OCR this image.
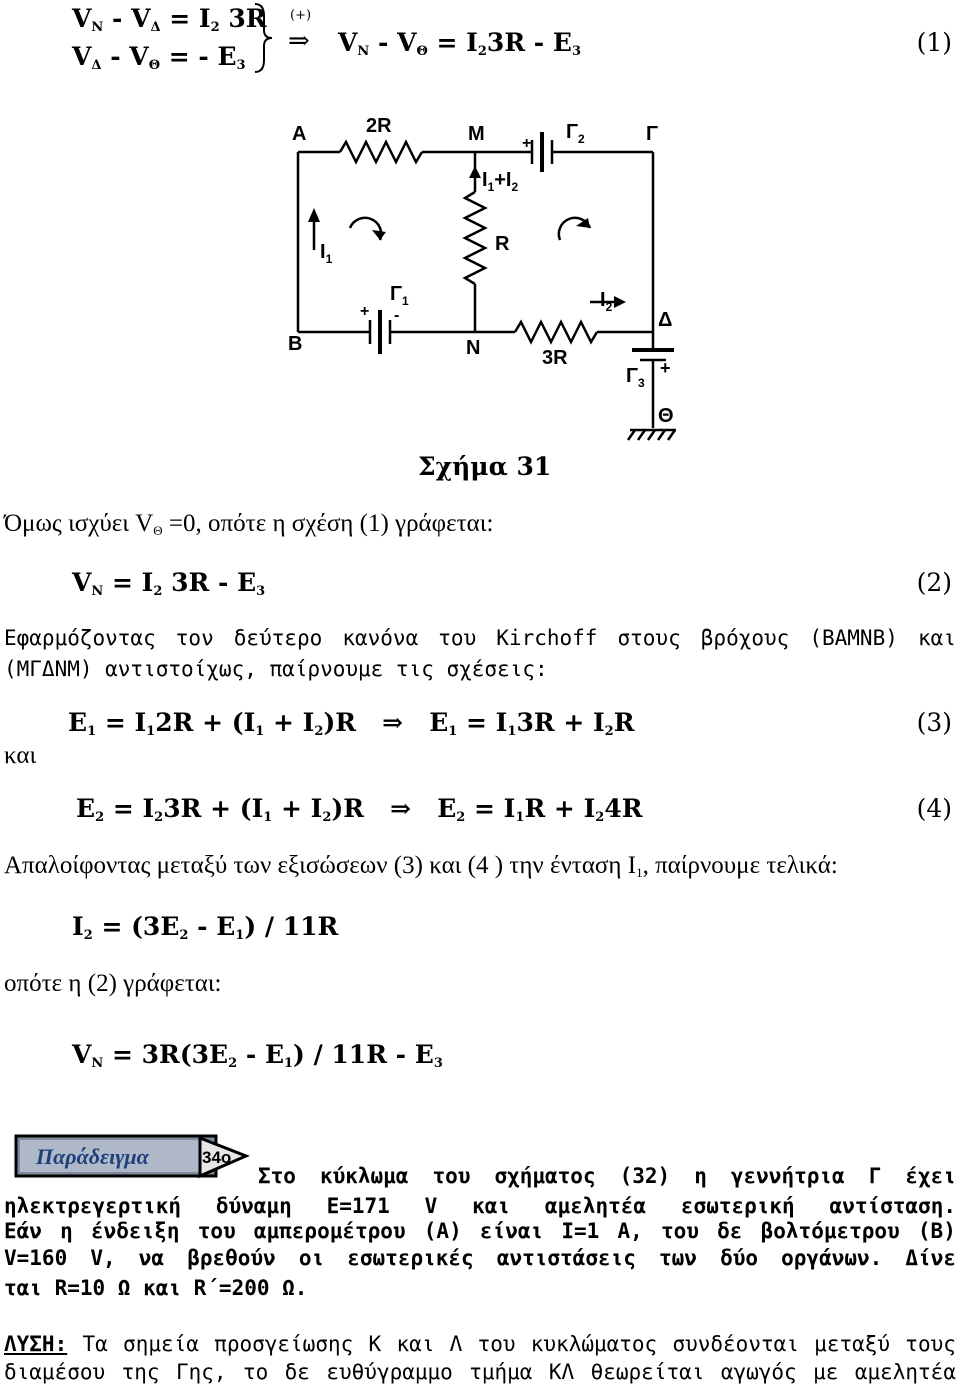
$V_N - V_\Delta = I_2$ 3R
$V_\Delta - V_\Theta$ = - $E_3$
(+)
⇒ $V_N - V_\Theta = I_23R - E_3$	(1)
Α	2R	Μ	$\Gamma_2$	Γ
+
$I_1+I_2$
$I_1$
R
$\Gamma_1$
+ -
Β	Ν	3R
$I_2$
Δ
$\Gamma_3$
+
Θ
Σχήμα 31
Όμως ισχύει $V_\Theta =0$, οπότε η σχέση (1) γράφεται:
$V_N = I_2$ $3R - E_3$	(2)
Εφαρμόζοντας τον δεύτερο κανόνα του Kirchoff στους βρόχους (ΒΑΜΝΒ) και
(ΜΓΔΝΜ) αντιστοίχως, παίρνουμε τις σχέσεις:
$E_1 = I_12R + (I_1 + I_2)R$   ⇒   $E_1 = I_13R + I_2R$	(3)
και
$E_2 = I_23R + (I_1 + I_2)R$   ⇒   $E_2 = I_1R + I_24R$	(4)
Απαλοίφοντας μεταξύ των εξισώσεων (3) και (4 ) την ένταση $I_1$, παίρνουμε τελικά:
$I_2 = (3E_2 - E_1) / 11R$
οπότε η (2) γράφεται:
$V_N = 3R(3E_2 - E_1) / 11R - E_3$
Παράδειγμα	34ο
Στο κύκλωμα του σχήματος (32) η γεννήτρια Γ έχει
ηλεκτρεγερτική δύναμη Ε=171 V και αμελητέα εσωτερική αντίσταση.
Εάν η ένδειξη του αμπερομέτρου (Α) είναι Ι=1 Α, του δε βολτόμετρου (Β)
V=160 V, να βρεθούν οι εσωτερικές αντιστάσεις των δύο οργάνων. Δίνε
ται R=10 Ω και R΄=200 Ω.
ΛΥΣΗ: Τα σημεία προσγείωσης Κ και Λ του κυκλώματος συνδέονται μεταξύ τους
διαμέσου της Γης, το δε ευθύγραμμο τμήμα ΚΛ θεωρείται αγωγός με αμελητέα
